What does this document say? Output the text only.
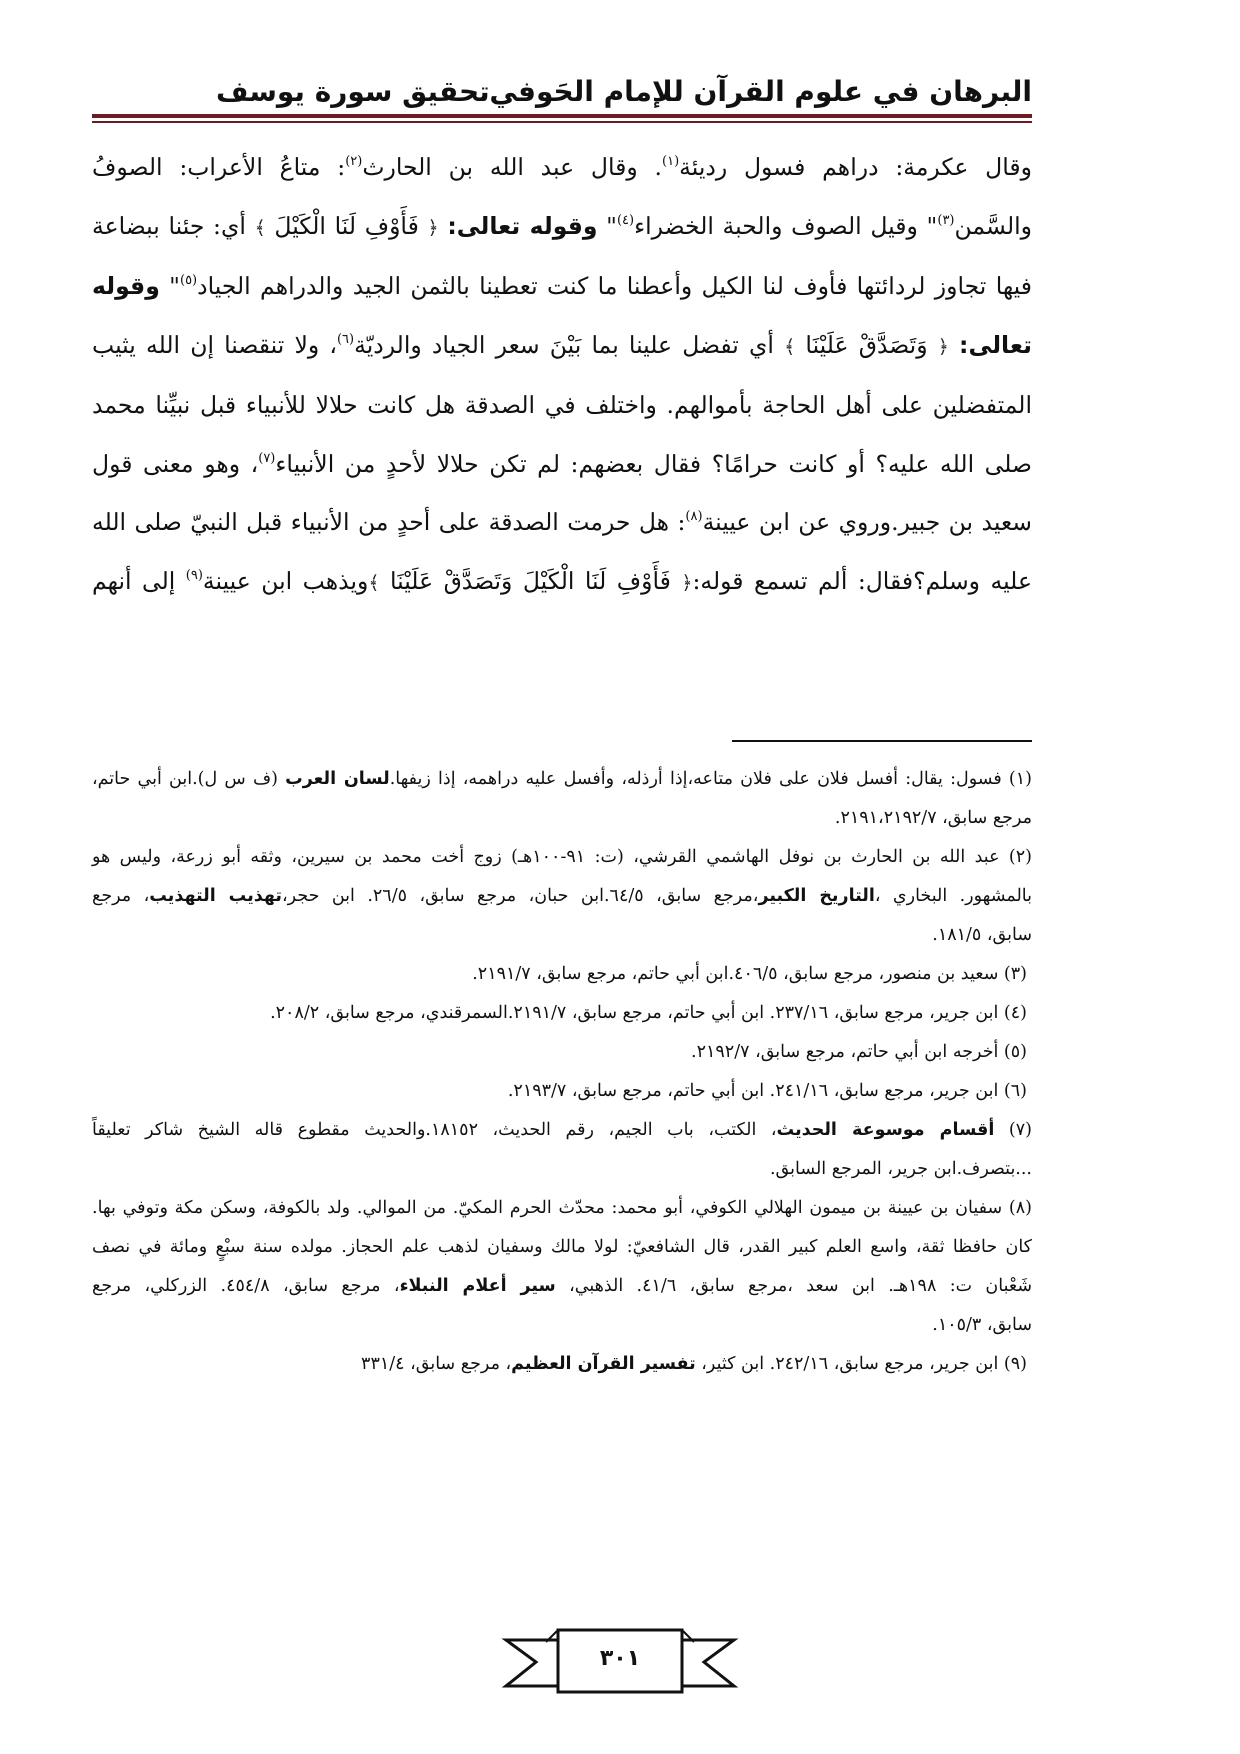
البرهان في علوم القرآن للإمام الحَوفي
تحقيق سورة يوسف

وقال عكرمة: دراهم فسول رديئة$^{(١)}$. وقال عبد الله بن الحارث$^{(٢)}$: متاعُ الأعراب: الصوفُ

والسَّمن$^{(٣)}$" وقيل الصوف والحبة الخضراء$^{(٤)}$" وقوله تعالى: ﴿ فَأَوْفِ لَنَا الْكَيْلَ ﴾ أي: جئنا ببضاعة

فيها تجاوز لردائتها فأوف لنا الكيل وأعطنا ما كنت تعطينا بالثمن الجيد والدراهم الجياد$^{(٥)}$" وقوله

تعالى: ﴿ وَتَصَدَّقْ عَلَيْنَا ﴾ أي تفضل علينا بما بَيْنَ سعر الجياد والرديّة$^{(٦)}$، ولا تنقصنا إن الله يثيب

المتفضلين على أهل الحاجة بأموالهم. واختلف في الصدقة هل كانت حلالا للأنبياء قبل نبيِّنا محمد

صلى الله عليه؟ أو كانت حرامًا؟ فقال بعضهم: لم تكن حلالا لأحدٍ من الأنبياء$^{(٧)}$، وهو معنى قول

سعيد بن جبير.وروي عن ابن عيينة$^{(٨)}$: هل حرمت الصدقة على أحدٍ من الأنبياء قبل النبيّ صلى الله

عليه وسلم؟فقال: ألم تسمع قوله:﴿ فَأَوْفِ لَنَا الْكَيْلَ وَتَصَدَّقْ عَلَيْنَا ﴾ويذهب ابن عيينة$^{(٩)}$ إلى أنهم

(١) فسول: يقال: أفسل فلان على فلان متاعه،إذا أرذله، وأفسل عليه دراهمه، إذا زيفها.لسان العرب (ف س ل).ابن أبي حاتم،

مرجع سابق، ٢١٩١،٢١٩٢/٧.

(٢) عبد الله بن الحارث بن نوفل الهاشمي القرشي، (ت: ٩١-١٠٠هـ) زوج أخت محمد بن سيرين، وثقه أبو زرعة، وليس هو

بالمشهور. البخاري ،التاريخ الكبير،مرجع سابق، ٦٤/٥.ابن حبان، مرجع سابق، ٢٦/٥. ابن حجر،تهذيب التهذيب، مرجع

سابق، ١٨١/٥.

(٣) سعيد بن منصور، مرجع سابق، ٤٠٦/٥.ابن أبي حاتم، مرجع سابق، ٢١٩١/٧.

(٤) ابن جرير، مرجع سابق، ٢٣٧/١٦. ابن أبي حاتم، مرجع سابق، ٢١٩١/٧.السمرقندي، مرجع سابق، ٢٠٨/٢.

(٥) أخرجه ابن أبي حاتم، مرجع سابق، ٢١٩٢/٧.

(٦) ابن جرير، مرجع سابق، ٢٤١/١٦. ابن أبي حاتم، مرجع سابق، ٢١٩٣/٧.

(٧) أقسام موسوعة الحديث، الكتب، باب الجيم، رقم الحديث، ١٨١٥٢.والحديث مقطوع قاله الشيخ شاكر تعليقاً

...بتصرف.ابن جرير، المرجع السابق.

(٨) سفيان بن عيينة بن ميمون الهلالي الكوفي، أبو محمد: محدّث الحرم المكيّ. من الموالي. ولد بالكوفة، وسكن مكة وتوفي بها.

كان حافظا ثقة، واسع العلم كبير القدر، قال الشافعيّ: لولا مالك وسفيان لذهب علم الحجاز. مولده سنة سبْعٍ ومائة في نصف

شَعْبان ت: ١٩٨هـ. ابن سعد ،مرجع سابق، ٤١/٦. الذهبي، سير أعلام النبلاء، مرجع سابق، ٤٥٤/٨. الزركلي، مرجع

سابق، ١٠٥/٣.

(٩) ابن جرير، مرجع سابق، ٢٤٢/١٦. ابن كثير، تفسير القرآن العظيم، مرجع سابق، ٣٣١/٤

٣٠١
